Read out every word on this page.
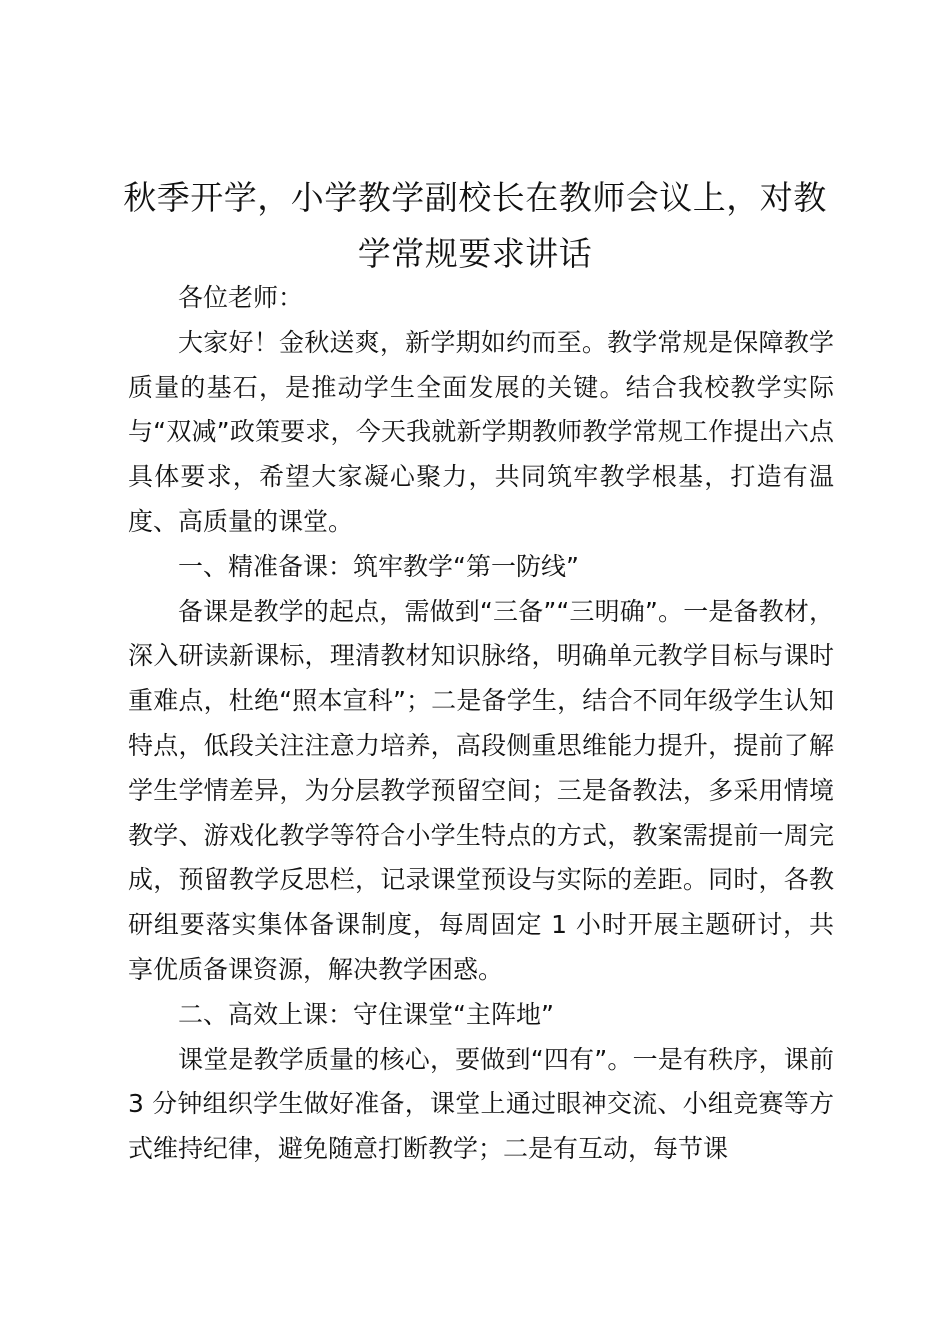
秋季开学，小学教学副校长在教师会议上，对教学常规要求讲话

各位老师：

大家好！金秋送爽，新学期如约而至。教学常规是保障教学质量的基石，是推动学生全面发展的关键。结合我校教学实际与“双减”政策要求，今天我就新学期教师教学常规工作提出六点具体要求，希望大家凝心聚力，共同筑牢教学根基，打造有温度、高质量的课堂。

一、精准备课：筑牢教学“第一防线”

备课是教学的起点，需做到“三备”“三明确”。一是备教材，深入研读新课标，理清教材知识脉络，明确单元教学目标与课时重难点，杜绝“照本宣科”；二是备学生，结合不同年级学生认知特点，低段关注注意力培养，高段侧重思维能力提升，提前了解学生学情差异，为分层教学预留空间；三是备教法，多采用情境教学、游戏化教学等符合小学生特点的方式，教案需提前一周完成，预留教学反思栏，记录课堂预设与实际的差距。同时，各教研组要落实集体备课制度，每周固定 1 小时开展主题研讨，共享优质备课资源，解决教学困惑。

二、高效上课：守住课堂“主阵地”

课堂是教学质量的核心，要做到“四有”。一是有秩序，课前 3 分钟组织学生做好准备，课堂上通过眼神交流、小组竞赛等方式维持纪律，避免随意打断教学；二是有互动，每节课
